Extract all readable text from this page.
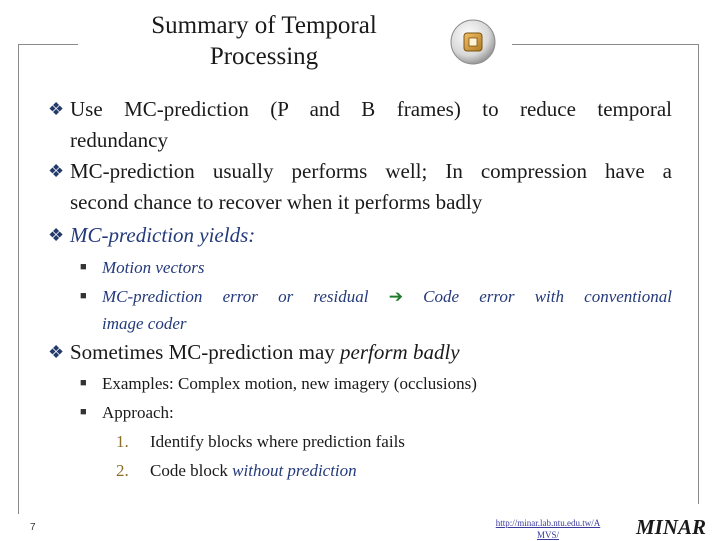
Summary of Temporal
Processing
❖ Use MC-prediction (P and B frames) to reduce temporal
redundancy
❖ MC-prediction usually performs well; In compression have a
second chance to recover when it performs badly
❖ MC-prediction yields:
■ Motion vectors
■ MC-prediction error or residual ➔ Code error with conventional
image coder
❖ Sometimes MC-prediction may perform badly
■ Examples: Complex motion, new imagery (occlusions)
■ Approach:
1. Identify blocks where prediction fails
2. Code block without prediction
7	http://minar.lab.ntu.edu.tw/A
MVS/	MINAR
